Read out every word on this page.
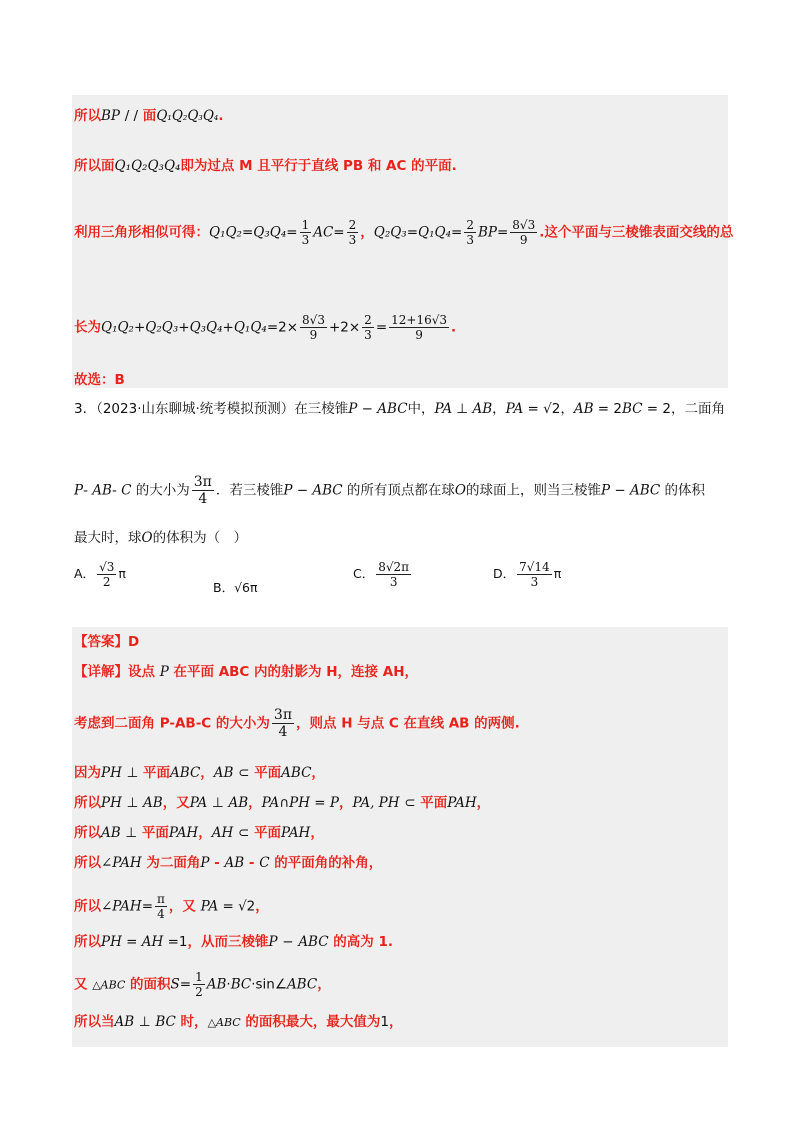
所以BP / / 面Q₁Q₂Q₃Q₄.
所以面Q₁Q₂Q₃Q₄即为过点 M 且平行于直线 PB 和 AC 的平面.
利用三角形相似可得：$Q_1Q_2=Q_3Q_4= \frac{1}{3} AC= \frac{2}{3}$ ，$Q_2Q_3=Q_1Q_4= \frac{2}{3} BP= \frac{8√3}{9}$ .这个平面与三棱锥表面交线的总
长为$Q_1Q_2+Q_2Q_3+Q_3Q_4+Q_1Q_4=2\times \frac{8√3}{9} +2\times \frac{2}{3} = \frac{12+16√3}{9}$ .
故选：B
3．（2023·山东聊城·统考模拟预测）在三棱锥P − ABC中，PA ⊥ AB，PA = √2，AB = 2BC = 2，二面角
P- AB- C 的大小为 $\frac{3\pi}{4}$ ．若三棱锥P − ABC 的所有顶点都在球O的球面上，则当三棱锥P − ABC 的体积
最大时，球O的体积为（　）
A． $\frac{√3}{2}$ π
B．√6π
C． $\frac{8√2\pi}{3}$	D． $\frac{7√14}{3}$ π
【答案】D
【详解】设点 P 在平面 ABC 内的射影为 H，连接 AH，
考虑到二面角 P-AB-C 的大小为 $\frac{3\pi}{4}$ ，则点 H 与点 C 在直线 AB 的两侧.
因为PH ⊥ 平面ABC，AB ⊂ 平面ABC，
所以PH ⊥ AB，又PA ⊥ AB，PA∩PH = P，PA, PH ⊂ 平面PAH，
所以AB ⊥ 平面PAH，AH ⊂ 平面PAH，
所以∠PAH 为二面角P - AB - C 的平面角的补角，
所以∠PAH= $\frac{\pi}{4}$ ，又 PA = √2，
所以PH = AH =1，从而三棱锥P − ABC 的高为 1.
又 △ABC 的面积$S= \frac{1}{2}$ AB·BC·sin∠ABC，
所以当AB ⊥ BC 时，△ABC 的面积最大，最大值为1，
